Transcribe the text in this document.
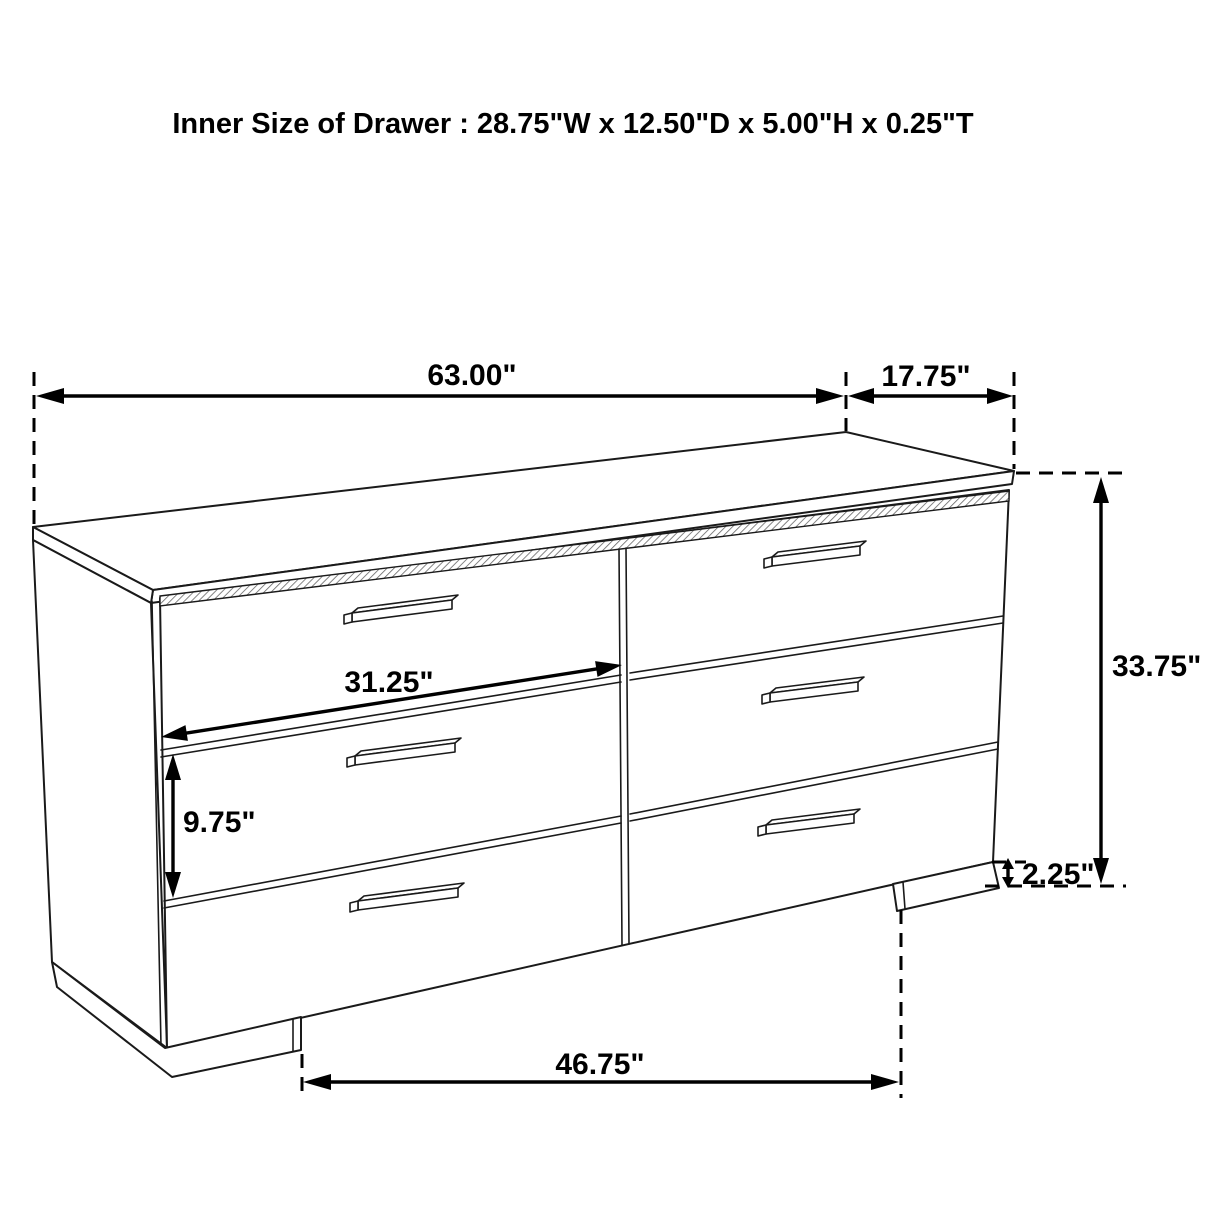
Inner Size of Drawer : 28.75"W x 12.50"D x 5.00"H x 0.25"T
63.00"	17.75"
31.25"
9.75"
33.75"
2.25"
46.75"
